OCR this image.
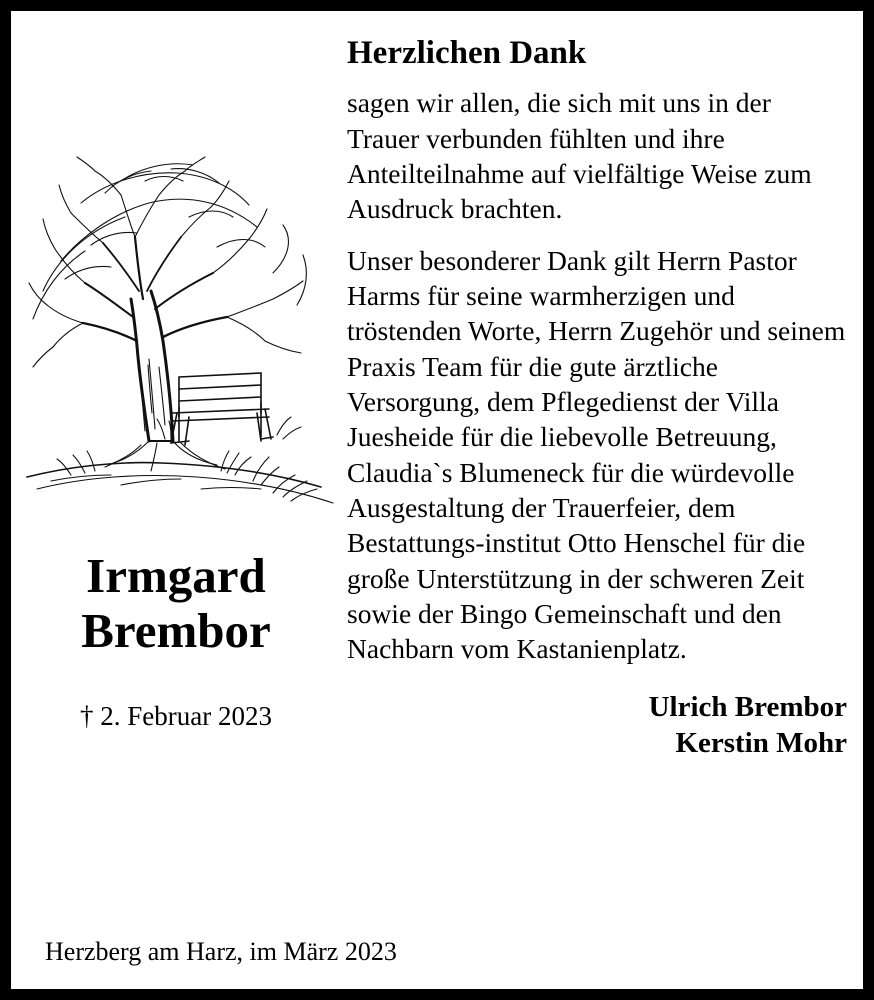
Irmgard
Brembor
† 2. Februar 2023
Herzberg am Harz, im März 2023
Herzlichen Dank

sagen wir allen, die sich mit uns in der Trauer verbunden fühlten und ihre Anteilteilnahme auf vielfältige Weise zum Ausdruck brachten.

Unser besonderer Dank gilt Herrn Pastor Harms für seine warmherzigen und tröstenden Worte, Herrn Zugehör und seinem Praxis Team für die gute ärztliche Versorgung, dem Pflegedienst der Villa Juesheide für die liebevolle Betreuung, Claudia`s Blumeneck für die würdevolle Ausgestaltung der Trauerfeier, dem Bestattungs-institut Otto Henschel für die große Unterstützung in der schweren Zeit sowie der Bingo Gemeinschaft und den Nachbarn vom Kastanienplatz.

Ulrich Brembor
Kerstin Mohr
